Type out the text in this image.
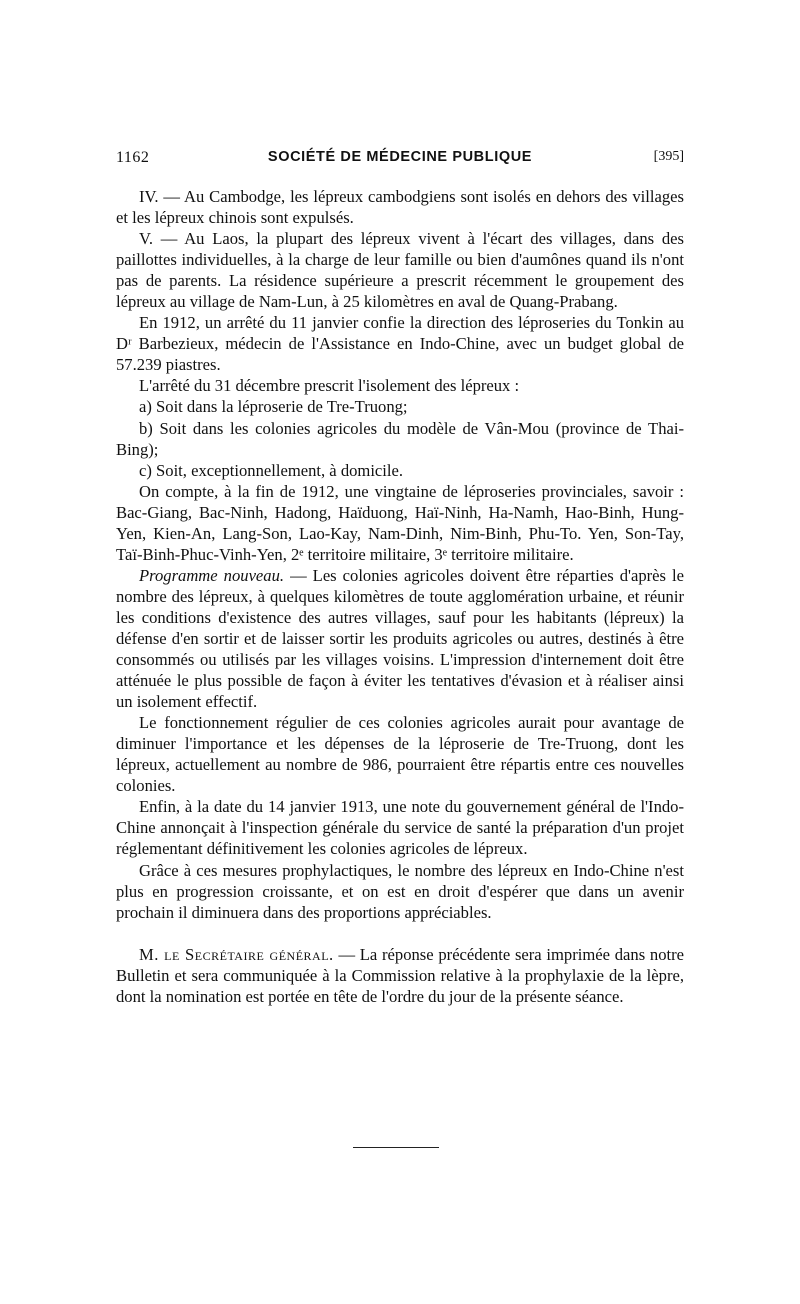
1162	SOCIÉTÉ DE MÉDECINE PUBLIQUE	[395]

IV. — Au Cambodge, les lépreux cambodgiens sont isolés en dehors des villages et les lépreux chinois sont expulsés.

V. — Au Laos, la plupart des lépreux vivent à l'écart des villages, dans des paillottes individuelles, à la charge de leur famille ou bien d'aumônes quand ils n'ont pas de parents. La résidence supérieure a prescrit récemment le groupement des lépreux au village de Nam-Lun, à 25 kilomètres en aval de Quang-Prabang.

En 1912, un arrêté du 11 janvier confie la direction des léproseries du Tonkin au Dʳ Barbezieux, médecin de l'Assistance en Indo-Chine, avec un budget global de 57.239 piastres.

L'arrêté du 31 décembre prescrit l'isolement des lépreux :

a) Soit dans la léproserie de Tre-Truong;

b) Soit dans les colonies agricoles du modèle de Vân-Mou (province de Thai-Bing);

c) Soit, exceptionnellement, à domicile.

On compte, à la fin de 1912, une vingtaine de léproseries provinciales, savoir : Bac-Giang, Bac-Ninh, Hadong, Haïduong, Haï-Ninh, Ha-Namh, Hao-Binh, Hung-Yen, Kien-An, Lang-Son, Lao-Kay, Nam-Dinh, Nim-Binh, Phu-To. Yen, Son-Tay, Taï-Binh-Phuc-Vinh-Yen, 2ᵉ territoire militaire, 3ᵉ territoire militaire.

Programme nouveau. — Les colonies agricoles doivent être réparties d'après le nombre des lépreux, à quelques kilomètres de toute agglomération urbaine, et réunir les conditions d'existence des autres villages, sauf pour les habitants (lépreux) la défense d'en sortir et de laisser sortir les produits agricoles ou autres, destinés à être consommés ou utilisés par les villages voisins. L'impression d'internement doit être atténuée le plus possible de façon à éviter les tentatives d'évasion et à réaliser ainsi un isolement effectif.

Le fonctionnement régulier de ces colonies agricoles aurait pour avantage de diminuer l'importance et les dépenses de la léproserie de Tre-Truong, dont les lépreux, actuellement au nombre de 986, pourraient être répartis entre ces nouvelles colonies.

Enfin, à la date du 14 janvier 1913, une note du gouvernement général de l'Indo-Chine annonçait à l'inspection générale du service de santé la préparation d'un projet réglementant définitivement les colonies agricoles de lépreux.

Grâce à ces mesures prophylactiques, le nombre des lépreux en Indo-Chine n'est plus en progression croissante, et on est en droit d'espérer que dans un avenir prochain il diminuera dans des proportions appréciables.

M. le Secrétaire général. — La réponse précédente sera imprimée dans notre Bulletin et sera communiquée à la Commission relative à la prophylaxie de la lèpre, dont la nomination est portée en tête de l'ordre du jour de la présente séance.
